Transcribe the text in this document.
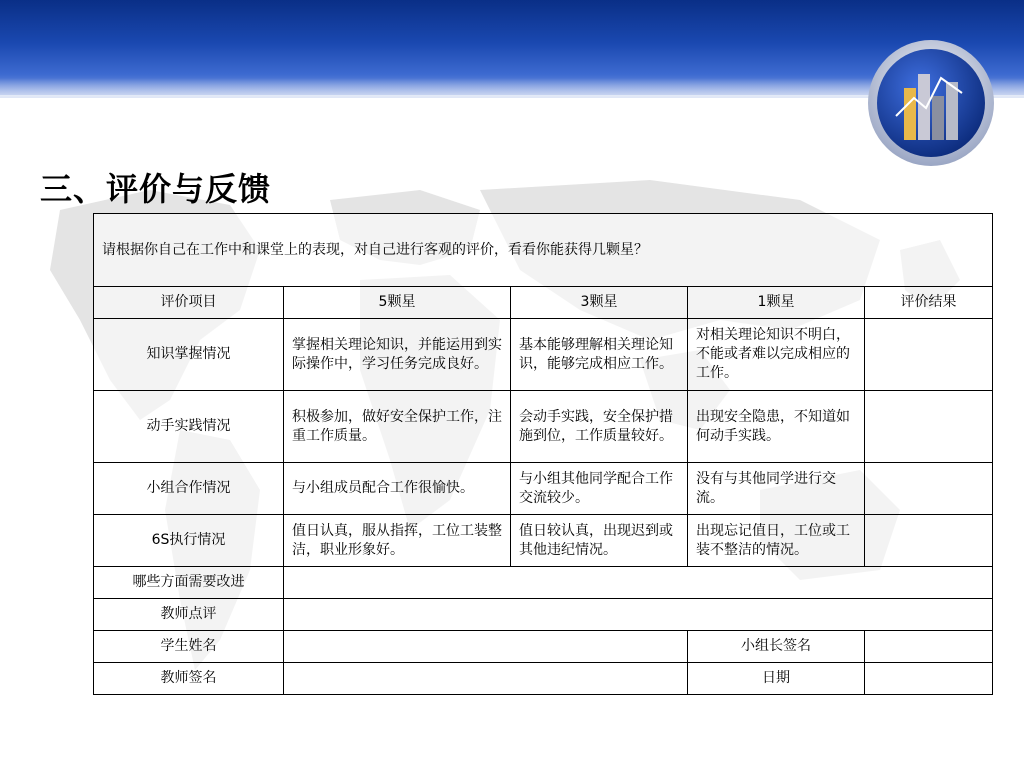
三、评价与反馈
请根据你自己在工作中和课堂上的表现，对自己进行客观的评价，看看你能获得几颗星？				
评价项目	5颗星	3颗星	1颗星	评价结果
知识掌握情况	掌握相关理论知识，并能运用到实际操作中，学习任务完成良好。	基本能够理解相关理论知识，能够完成相应工作。	对相关理论知识不明白，不能或者难以完成相应的工作。	
动手实践情况	积极参加，做好安全保护工作，注重工作质量。	会动手实践，安全保护措施到位，工作质量较好。	出现安全隐患，不知道如何动手实践。	
小组合作情况	与小组成员配合工作很愉快。	与小组其他同学配合工作交流较少。	没有与其他同学进行交流。	
6S执行情况	值日认真，服从指挥，工位工装整洁，职业形象好。	值日较认真，出现迟到或其他违纪情况。	出现忘记值日，工位或工装不整洁的情况。	
哪些方面需要改进				
教师点评				
学生姓名			小组长签名	
教师签名			日期	
